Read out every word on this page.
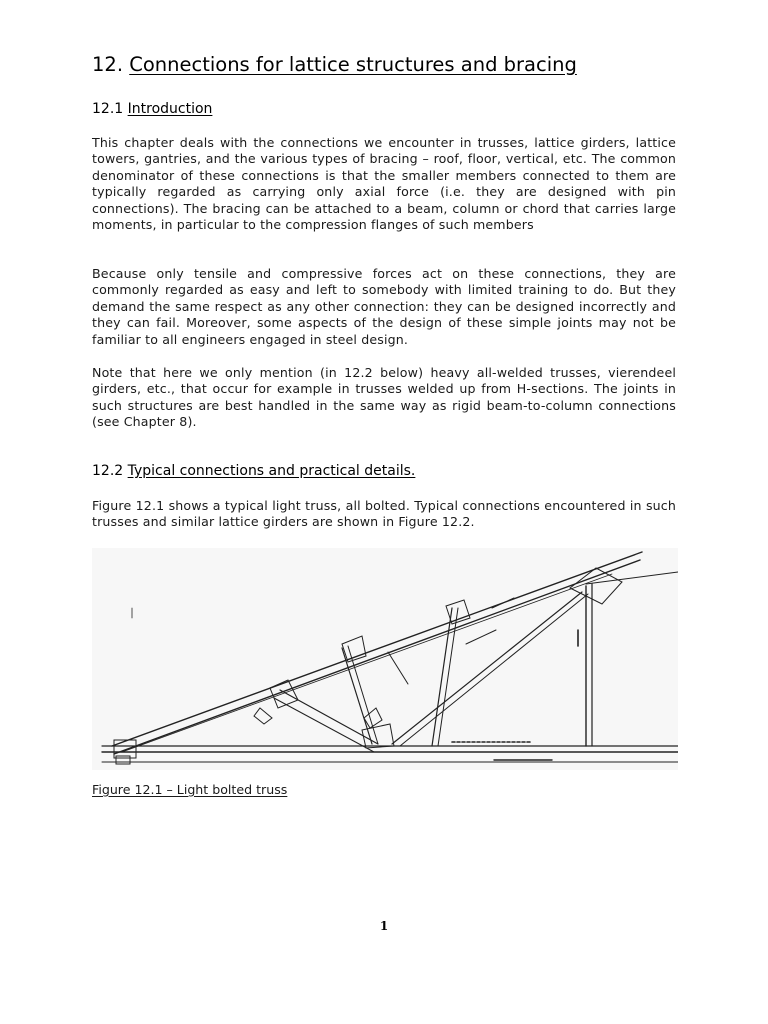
12. Connections for lattice structures and bracing
12.1 Introduction

This chapter deals with the connections we encounter in trusses, lattice girders, lattice towers, gantries, and the various types of bracing – roof, floor, vertical, etc. The common denominator of these connections is that the smaller members connected to them are typically regarded as carrying only axial force (i.e. they are designed with pin connections). The bracing can be attached to a beam, column or chord that carries large moments, in particular to the compression flanges of such members

Because only tensile and compressive forces act on these connections, they are commonly regarded as easy and left to somebody with limited training to do. But they demand the same respect as any other connection: they can be designed incorrectly and they can fail. Moreover, some aspects of the design of these simple joints may not be familiar to all engineers engaged in steel design.

Note that here we only mention (in 12.2 below) heavy all-welded trusses, vierendeel girders, etc., that occur for example in trusses welded up from H-sections. The joints in such structures are best handled in the same way as rigid beam-to-column connections (see Chapter 8).

12.2 Typical connections and practical details.

Figure 12.1 shows a typical light truss, all bolted. Typical connections encountered in such trusses and similar lattice girders are shown in Figure 12.2.

Figure 12.1 – Light bolted truss

1
